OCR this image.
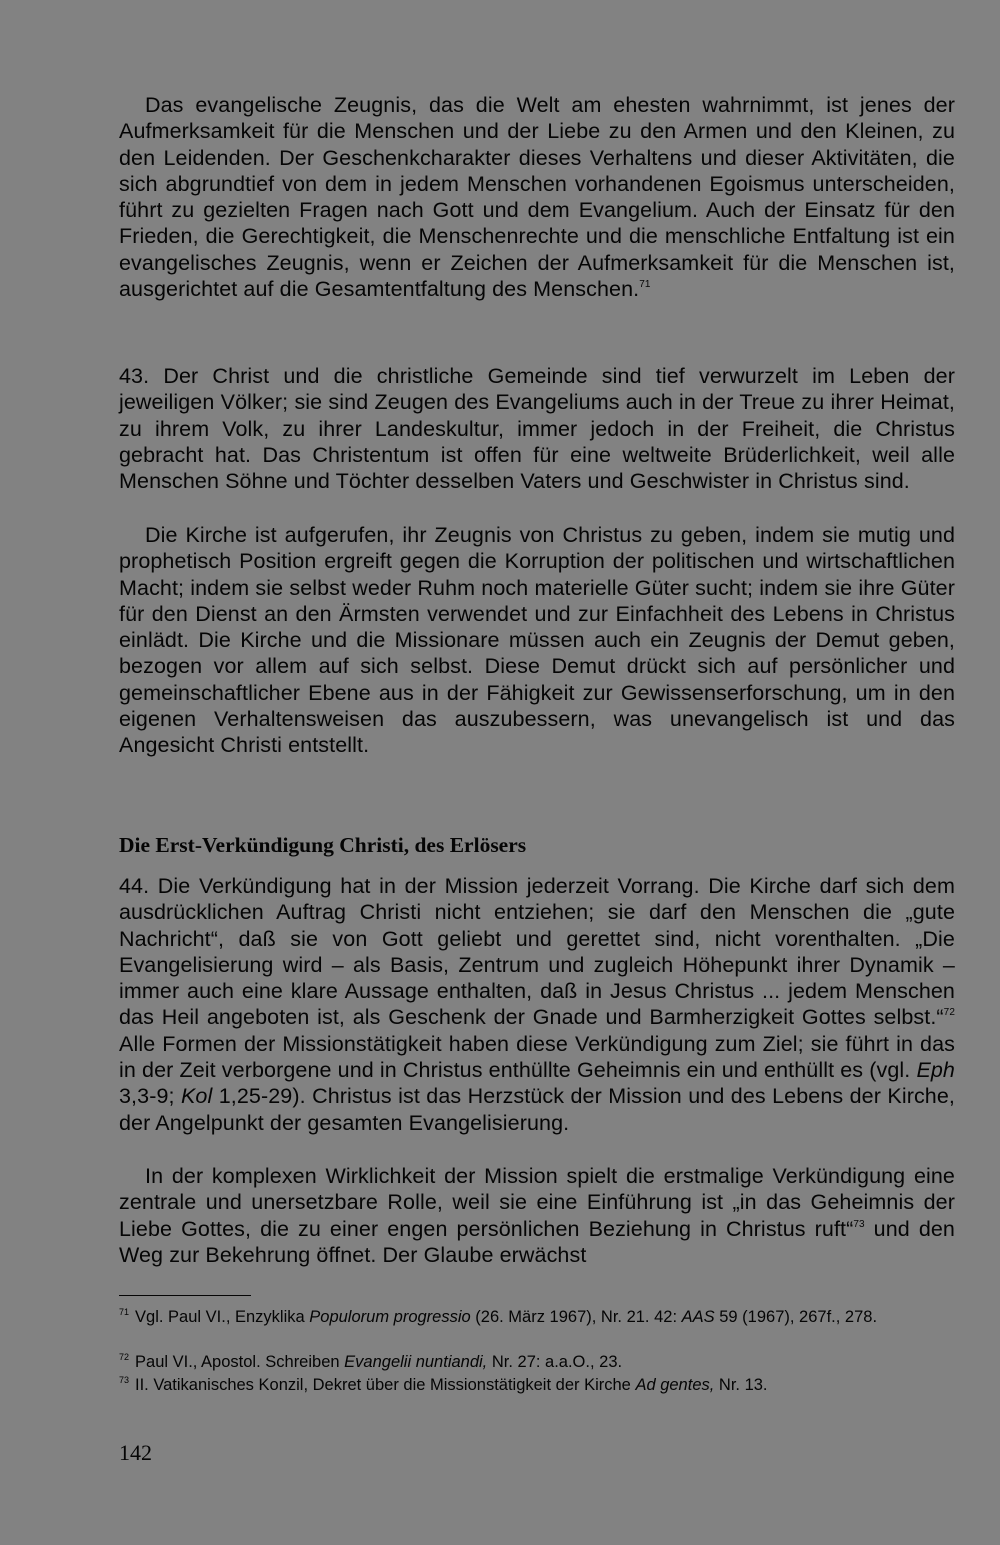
Das evangelische Zeugnis, das die Welt am ehesten wahrnimmt, ist jenes der Aufmerksamkeit für die Menschen und der Liebe zu den Armen und den Kleinen, zu den Leidenden. Der Geschenkcharakter dieses Verhaltens und dieser Aktivitäten, die sich abgrundtief von dem in jedem Menschen vorhandenen Egoismus unterscheiden, führt zu gezielten Fragen nach Gott und dem Evangelium. Auch der Einsatz für den Frieden, die Gerechtigkeit, die Menschenrechte und die menschliche Entfaltung ist ein evangelisches Zeugnis, wenn er Zeichen der Aufmerksamkeit für die Menschen ist, ausgerichtet auf die Gesamtentfaltung des Menschen.$^{71}$

43. Der Christ und die christliche Gemeinde sind tief verwurzelt im Leben der jeweiligen Völker; sie sind Zeugen des Evangeliums auch in der Treue zu ihrer Heimat, zu ihrem Volk, zu ihrer Landeskultur, immer jedoch in der Freiheit, die Christus gebracht hat. Das Christentum ist offen für eine weltweite Brüderlichkeit, weil alle Menschen Söhne und Töchter desselben Vaters und Geschwister in Christus sind.

Die Kirche ist aufgerufen, ihr Zeugnis von Christus zu geben, indem sie mutig und prophetisch Position ergreift gegen die Korruption der politischen und wirtschaftlichen Macht; indem sie selbst weder Ruhm noch materielle Güter sucht; indem sie ihre Güter für den Dienst an den Ärmsten verwendet und zur Einfachheit des Lebens in Christus einlädt. Die Kirche und die Missionare müssen auch ein Zeugnis der Demut geben, bezogen vor allem auf sich selbst. Diese Demut drückt sich auf persönlicher und gemeinschaftlicher Ebene aus in der Fähigkeit zur Gewissenserforschung, um in den eigenen Verhaltensweisen das auszubessern, was unevangelisch ist und das Angesicht Christi entstellt.

Die Erst-Verkündigung Christi, des Erlösers

44. Die Verkündigung hat in der Mission jederzeit Vorrang. Die Kirche darf sich dem ausdrücklichen Auftrag Christi nicht entziehen; sie darf den Menschen die „gute Nachricht“, daß sie von Gott geliebt und gerettet sind, nicht vorenthalten. „Die Evangelisierung wird – als Basis, Zentrum und zugleich Höhepunkt ihrer Dynamik – immer auch eine klare Aussage enthalten, daß in Jesus Christus ... jedem Menschen das Heil angeboten ist, als Geschenk der Gnade und Barmherzigkeit Gottes selbst.“$^{72}$ Alle Formen der Missionstätigkeit haben diese Verkündigung zum Ziel; sie führt in das in der Zeit verborgene und in Christus enthüllte Geheimnis ein und enthüllt es (vgl. Eph 3,3-9; Kol 1,25-29). Christus ist das Herzstück der Mission und des Lebens der Kirche, der Angelpunkt der gesamten Evangelisierung.

In der komplexen Wirklichkeit der Mission spielt die erstmalige Verkündigung eine zentrale und unersetzbare Rolle, weil sie eine Einführung ist „in das Geheimnis der Liebe Gottes, die zu einer engen persönlichen Beziehung in Christus ruft“$^{73}$ und den Weg zur Bekehrung öffnet. Der Glaube erwächst

$^{71}$ Vgl. Paul VI., Enzyklika Populorum progressio (26. März 1967), Nr. 21. 42: AAS 59 (1967), 267f., 278.

$^{72}$ Paul VI., Apostol. Schreiben Evangelii nuntiandi, Nr. 27: a.a.O., 23.

$^{73}$ II. Vatikanisches Konzil, Dekret über die Missionstätigkeit der Kirche Ad gentes, Nr. 13.

142
